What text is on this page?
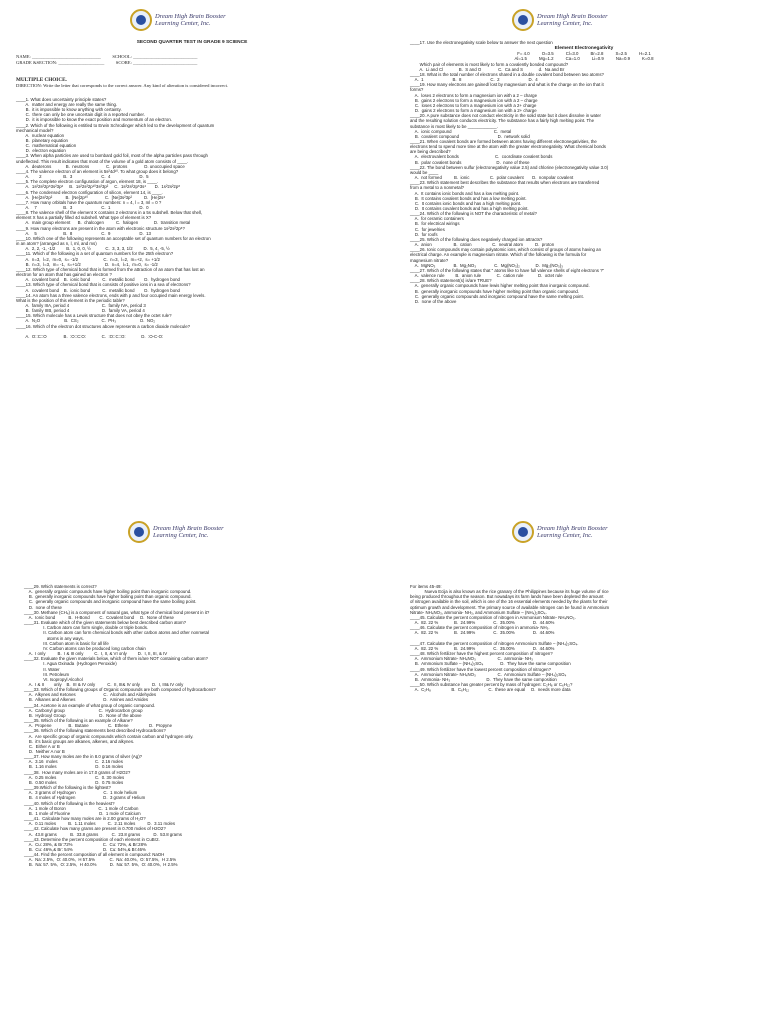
Dream High Brain Booster
Learning Center, Inc.
SECOND QUARTER TEST IN GRADE 9 SCIENCE
NAME: ______________________________          SCHOOL: ____________________________
GRADE &SECTION: ____________________          SCORE: ____________________________
MULTIPLE CHOICE.
DIRECTION: Write the letter that corresponds to the correct answer. Any kind of alteration is considered incorrect.
____1. What does uncertainty principle states?
A.  matter and energy are really the same thing.
B.  it is impossible to know anything with certainty.
C.  there can only be one uncertain digit in a reported number.
D.  it is impossible to know the exact position and momentum of an electron.
____2. Which of the following is entitled to Erwin Schrodinger which led to the development of quantum
mechanical model?
A.  nuclear equation
B.  planetary equation
C.  mathematical equation
D.  electron equation
____3. When alpha particles are used to bombard gold foil, most of the alpha particles pass through
undeflected. This result indicates that most of the volume of a gold atom consists of ____.
A.  deuterons            B.  neutrons              C.  protons              D. unoccupied space
____4. The valence electron of an element is 5s²4d¹⁰. To what group does it belong?
A.        2                  B.  3                        C.  4                        D.  5
____5. The complete electron configuration of argon, element 18, is ____.
A.  1s²2s²2p⁶3s²3p⁶     B.  1s²2s²2p¹⁰3s²3p²     C.  1s²2s²2p⁶3s⁴       D.  1s²2s²2p⁸
____6. The condensed electron configuration of silicon, element 14, is ____.
A.  [He]2s²2p²           B.  [Ne]2p¹⁰              C.  [Ne]3s²3p²          D.  [He]2s⁴
____7. How many orbitals have the quantum numbers: n = 4, l = 3, ml = 0 ?
A.    7                      B.  3                        C.  1                        D.  0
____8. The valence shell of the element X contains 2 electrons in a 5s subshell. Below that shell,
element X has a partially filled 4d subshell. What type of element is X?
A.  main group element      B.  chalcogen          C.  halogen             D.  transition metal
____9. How many electrons are present in the atom with electronic structure 1s²2s²2p⁶?
A.    5                      B.  8                        C.  9                        D.  13
____10. Which one of the following represents an acceptable set of quantum numbers for an electron
in an atom? (arranged as n, l, ml, and ms)
A.  2, 2, -1, -1/2         B.  1, 0, 0, ½            C.  3, 3, 3, 1/2         D.  5, 4, -5, ½
____11. Which of the following is a set of quantum numbers for the 25th electron?
A.  n=3,  l=2,  m=0,  s= -1/2                     C.  n=3,  l=2,  m=+2,  s= +1/2
B.  n=3,  l=3,  m= -1,  s=+1/2                    D.  n=4,  l=1,  m=0,  s= -1/2
____12. Which type of chemical bond that is formed from the attraction of an atom that has lost an
electron for an atom that has gained an electron ?
A.  covalent bond    B.  ionic bond          C.  metallic bond        D.  hydrogen bond
____13. Which type of chemical bond that is consists of positive ions in a sea of electrons?
A.  covalent bond    B.  ionic bond          C.  metallic bond        D.  hydrogen bond
____14. An atom has a three valence electrons, ends with p and four occupied main energy levels.
What is the position of this element in the periodic table?
A.  family IIIA, period 4                           C.  family IVA, period 3
B.  family IIIB, period 4                           D.  family VA, period 4
____15. Which molecule has a Lewis structure that does not obey the octet rule?
A.  N₂O                    B.  CS₂                   C.  PH₃                    D.  NO₂
____16. Which of the electron dot structures above represents a carbon dioxide molecule?

A.  O::C::O              B.  :O::C:O:             C.  :O::C::O:             D.  :O-C-O:
Dream High Brain Booster
Learning Center, Inc.
____17. Use the electronegativity scale below to answer the next question
Element Electronegativity
F= 4.0          O=3.5          Cl=3.0          Br=2.8          S=2.5          H=2.1
Al=1.5          Mg=1.2          Ca=1.0          Li=0.9          Na=0.9          K=0.8
Which pair of elements is most likely to form a covalently bonded compound?
A.  Li and Cl             B.  S and O              C.  Ca and S             d.  Na and Br
____18. What is the total number of electrons shared in a double covalent bond between two atoms?
A.  1                        B.  8                        C.  2                        D.  4
____19. How many electrons are gained/ lost by magnesium and what is the charge on the ion that it
forms?
A.  loses 2 electrons to form a magnesium ion with a 2 – charge
B.  gains 2 electrons to form a magnesium ion with a 2 – charge
C.  loses 2 electrons to form a magnesium ion with a 2+ charge
D.  gains 2 electrons to form a magnesium ion with a 2+ charge
____20. A pure substance does not conduct electricity in the solid state but it does dissolve in water
and the resulting solution conducts electricity. The substance has a fairly high melting point. The
substance is most likely to be ____________.
A.  ionic compound                                   C.  metal
B.  covalent compound                                D.  network solid
____21. When covalent bonds are formed between atoms having different electronegativities, the
electrons tend to spend more time at the atom with the greater electronegativity. What chemical bonds
are being described?
A.  electrovalent bonds                              C.  coordinate covalent bonds
B.  polar covalent bonds                             D.  none of these
____22. The bond between sulfur (electronegativity value 2.5) and chlorine (electronegativity value 3.0)
would be ____
A.  not formed          B.  ionic                 C.  polar covalent       D.  nonpolar covalent
____23. Which statement best describes the substance that results when electrons are transferred
from a metal to a nonmetal?
A.  It contains ionic bonds and has a low melting point.
B.  It contains covalent bonds and has a low melting point.
C.  It contains ionic bonds and has a high melting point.
D.  It contains covalent bonds and has a high melting point.
____24. Which of the following is NOT the characteristic of metal?
A.  for ceramic containers
B.  for electrical wirings
C.  for jewelries
D.  for roofs
____25. Which of the following does negatively charged ion attracts?
A.  anion                  B.  cation                 C.  neutral atom          D.  proton
____26. Ionic compounds may contain polyatomic ions, which consist of groups of atoms having an
electrical charge. An example is magnesium nitrate. Which of the following is the formula for
magnesium nitrate?
A.  MgNO₃               B.  Mg₂NO₃               C.  Mg(NO₃)₂             D.  Mg₂(NO₃)₃
____27. Which of the following states that " atoms like to have full valence shells of eight electrons ?"
A.  valence rule         B.  anion rule             C.  cation rule            D.  octet rule
____28. Which statement(s) is/are TRUE?
A.  generally organic compounds have lewis higher melting point than inorganic compound.
B.  generally inorganic compounds have higher melting point than organic compound.
C.  generally organic compounds and inorganic compound have the same melting point.
D.  none of the above
Dream High Brain Booster
Learning Center, Inc.
____29. Which statements is correct?
A.  generally organic compounds have higher boiling point than inorganic compound.
B.  generally inorganic compounds have higher boiling point than organic compound.
C.  generally organic compounds and inorganic compound have the same boiling point.
D.  none of these
____30. Methane (CH₄) is a component of natural gas, what type of chemical bond present in it?
A.  Ionic bond           B.  H-Bond        C.  Covalent bond     D.  None of these
____31. Evaluate which of the given statements below best described carbon atom?
I. Carbon atom can form single, double or triple bonds.
II. Carbon atom can form chemical bonds with other carbon atoms and other nonmetal
atoms in any ways.
III. Carbon atom is basic for all life
IV. Carbon atoms can be produced long carbon chain
A.  I only          B.  I & III only         C.  I, II, & VI only         D.  I, II, III, & IV
____32. Evaluate the given materials below, which of them is/are NOT containing carbon atom?
I. Agua Oxinada  (Hydrogen Peroxide)
II. Water
III. Petroleum
VI. Isopropyl Alcohol
A.  I & II        only    B.  III & IV only          C.  II, III& IV only          D.  I, III& IV only
____33. Which of the following groups of Organic compounds are both composed of hydrocarbons?
A.  Alkynes and Ketones                       C.  Alcohols and Aldehydes
B.  Alkanes and Alkenes                       D.  Amines and Amides
____34. Acetone is an example of what group of organic compound.
A.  Carbonyl group                            C.  Hydrocarbon group
B.  Hydroxyl Group                            D.  None of the above
____35. Which of the following is an example of Alkane?
A.  Propene              B.  Butane                C.  Ethene                 D.  Propyne
____36. Which of the following statements best described Hydrocarbons?
A.  Are specific group of organic compounds which contain carbon and hydrogen only.
B.  it's basic groups are alkanes, alkenes, and alkynes.
C.  Either A or B
D.  Neither A nor B
____37. How many moles are the in 8.0 grams of silver (Ag)?
A.  3.16  moles                               C.  2.16 moles
B.  1.16 moles                                D.  0.16 moles
____38.  How many moles are in 17.0 grams of H2O2?
A.  0.25 moles                                C.  0. 30 moles
B.  0.50 moles                                D.  0.75 moles
____39.Which of the following is the lightest?
A.  3 grams of Hydrogen                       C.  1 mole helium
B.  4 moles of Hydrogen                       D.  3 grams of Helium
____40. Which of the following is the heaviest?
A.  1 mole of Boron                           C.  1 mole of Carbon
B.  1 mole of Fluorine                        D.  1 mole of Calcium
____41.  Calculate how many moles are in 2.00 grams of H₂O?
A.  0.11 moles          B.  1.11 moles          C.  2.11 moles          D.  3.11 moles
____42. Calculate how many grams are present in 0.700 moles of H2O2?
A.  43.8 grams           B.  33.8 grams           C.  23.8 grams           D.  53.8 grams
____43. Determine the percent composition of each element in CuBr2.
A.  Cu: 28%, & Br:72%                         C.  Cu: 72%, & Br:28%
B.  Cu: 46%,& Br: 54%                         D.  Cu: 54%,& Br:46%
____44. Find the percent composition of all element in compound: NaOH
A.  Na: 2.5%,  O: 40.0%,  H 57.5%            C.  Na: 40.0%,  O: 57.5%,  H 2.5%
B.  Na: 57. 5%,  O: 2.5%,  H 40.0%           D.  Na: 57. 5%,  O: 40.0%,  H 2.5%
Dream High Brain Booster
Learning Center, Inc.
For items 45-49:
Nueva Ecija is also known as the rice granary of the Philippines because its huge volume of rice
being produced throughout the season. But nowadays its farm lands have been depleted the amount
of nitrogen available in the soil, which is one of the 16 essential elements needed by the plants for their
optimum growth and development. The primary source of available nitrogen can be found in Ammonium
Nitrate- NH₄NO₃, ammonia- NH₃, and Ammonium Sulfate – (NH₄)₂SO₄.
____45. Calculate the percent composition of nitrogen in Ammonium Nitrate- NH₄NO₃.
A.  82. 22 %             B.  24.99%               C.  35.00%               D.  44.60%
____46. Calculate the percent composition of nitrogen in ammonia- NH₃.
A.  82. 22 %             B.  24.99%               C.  35.00%               D.  44.60%

____47. Calculate the percent composition of nitrogen Ammonium Sulfate – (NH₄)₂SO₄.
A.  82. 22 %             B.  24.99%               C.  35.00%               D.  44.60%
____48. Which fertilizer have the highest percent composition of nitrogen?
A.  Ammonium Nitrate- NH₄NO₃                  C.  ammonia- NH₃
B.  Ammonium Sulfate – (NH₄)₂SO₄              D.  They have the same composition
____49. Which fertilizer have the lowest percent composition of nitrogen?
A.  Ammonium Nitrate- NH₄NO₃                  C.  Ammonium Sulfate – (NH₄)₂SO₄
B.  Ammonia- NH₃                              D.  They have the same composition
____50. Which substance has greater percent by mass of hydrogen: C₂H₈ or C₆H₁₂?
A.  C₂H₈                 B.  C₆H₁₂                C.  these are equal     D.  needs more data
